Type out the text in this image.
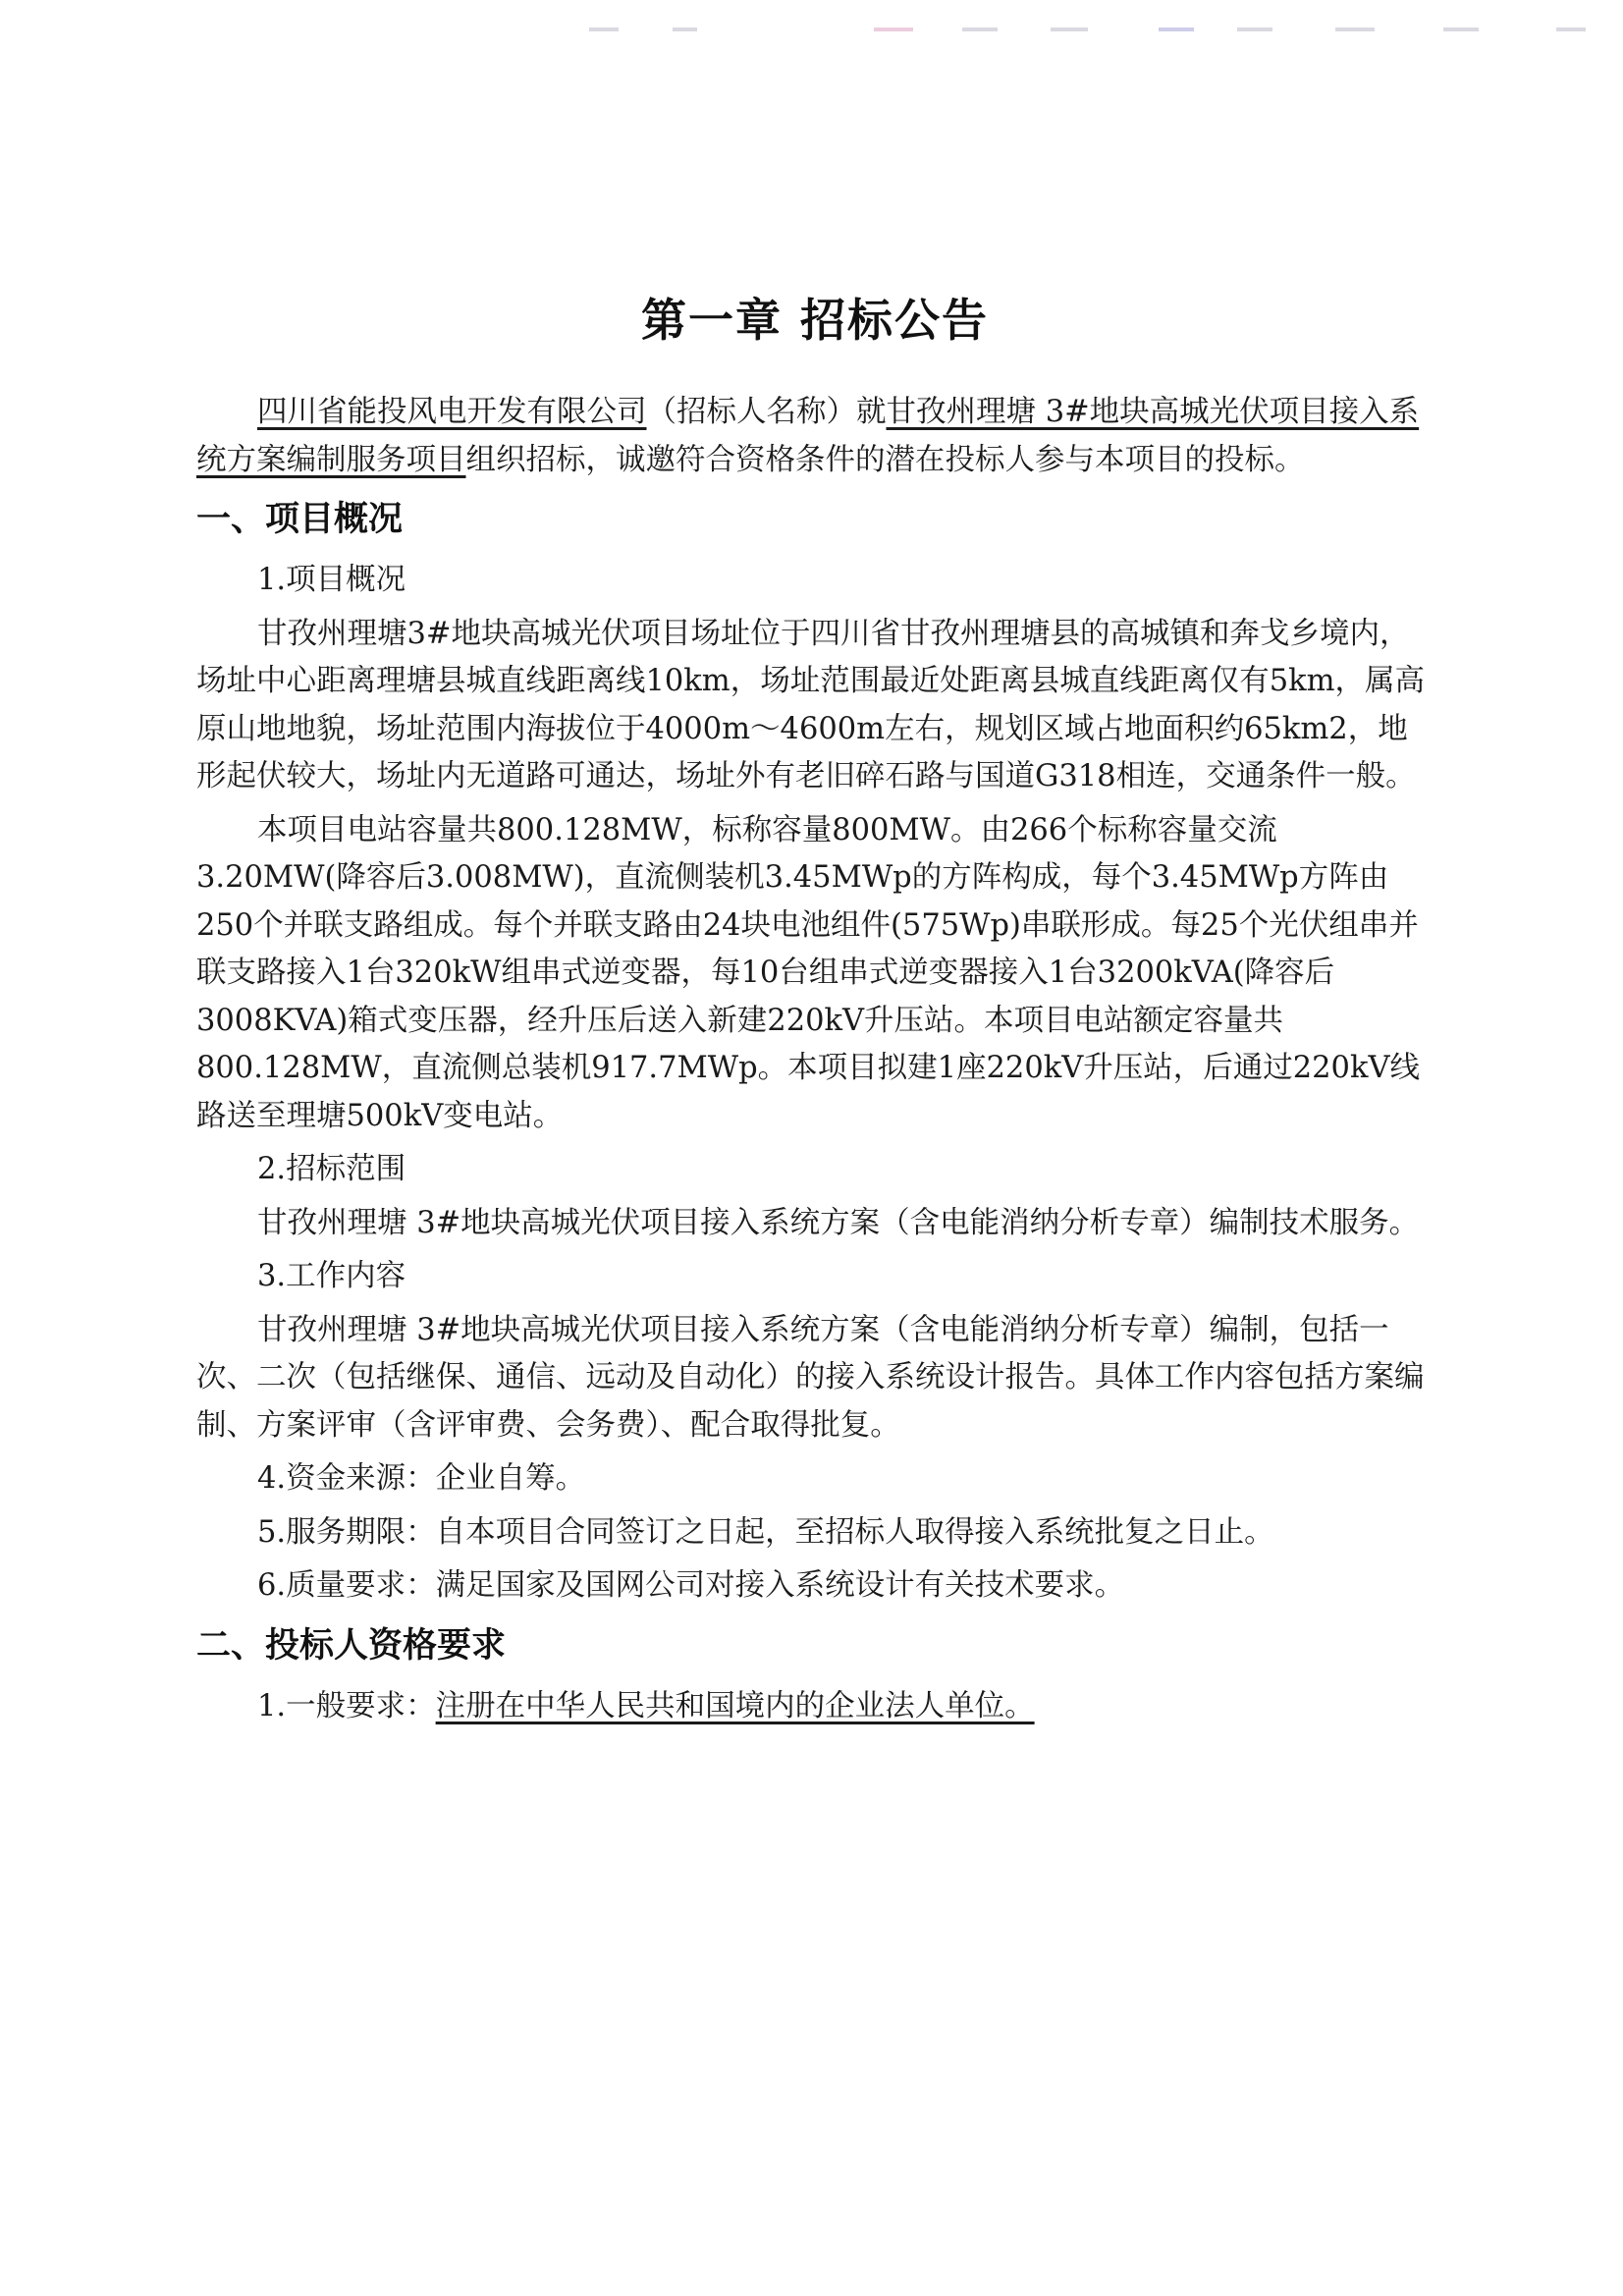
第一章 招标公告

四川省能投风电开发有限公司（招标人名称）就甘孜州理塘 3#地块高城光伏项目接入系统方案编制服务项目组织招标，诚邀符合资格条件的潜在投标人参与本项目的投标。

一、项目概况

1.项目概况

甘孜州理塘3#地块高城光伏项目场址位于四川省甘孜州理塘县的高城镇和奔戈乡境内，场址中心距离理塘县城直线距离线10km，场址范围最近处距离县城直线距离仅有5km，属高原山地地貌，场址范围内海拔位于4000m～4600m左右，规划区域占地面积约65km2，地形起伏较大，场址内无道路可通达，场址外有老旧碎石路与国道G318相连，交通条件一般。

本项目电站容量共800.128MW，标称容量800MW。由266个标称容量交流3.20MW(降容后3.008MW)，直流侧装机3.45MWp的方阵构成，每个3.45MWp方阵由250个并联支路组成。每个并联支路由24块电池组件(575Wp)串联形成。每25个光伏组串并联支路接入1台320kW组串式逆变器，每10台组串式逆变器接入1台3200kVA(降容后3008KVA)箱式变压器，经升压后送入新建220kV升压站。本项目电站额定容量共800.128MW，直流侧总装机917.7MWp。本项目拟建1座220kV升压站，后通过220kV线路送至理塘500kV变电站。

2.招标范围

甘孜州理塘 3#地块高城光伏项目接入系统方案（含电能消纳分析专章）编制技术服务。

3.工作内容

甘孜州理塘 3#地块高城光伏项目接入系统方案（含电能消纳分析专章）编制，包括一次、二次（包括继保、通信、远动及自动化）的接入系统设计报告。具体工作内容包括方案编制、方案评审（含评审费、会务费）、配合取得批复。

4.资金来源：企业自筹。

5.服务期限：自本项目合同签订之日起，至招标人取得接入系统批复之日止。

6.质量要求：满足国家及国网公司对接入系统设计有关技术要求。

二、投标人资格要求

1.一般要求：注册在中华人民共和国境内的企业法人单位。
